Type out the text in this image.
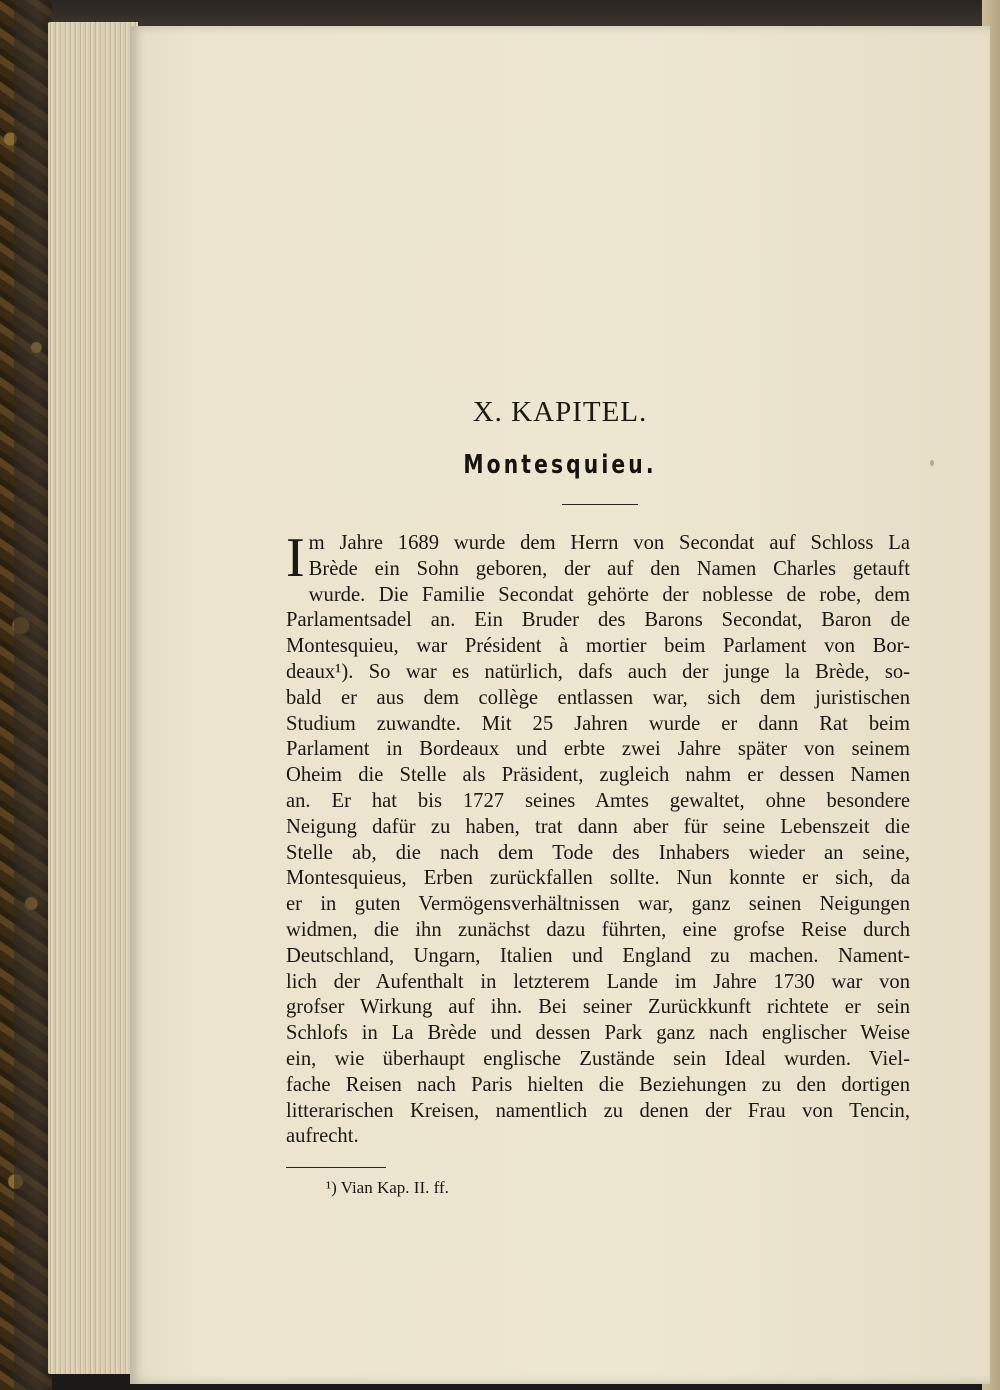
X. KAPITEL.
Montesquieu.
I m Jahre 1689 wurde dem Herrn von Secondat auf Schloss La
Brède ein Sohn geboren, der auf den Namen Charles getauft
wurde. Die Familie Secondat gehörte der noblesse de robe, dem
Parlamentsadel an. Ein Bruder des Barons Secondat, Baron de
Montesquieu, war Président à mortier beim Parlament von Bor-
deaux¹). So war es natürlich, dafs auch der junge la Brède, so-
bald er aus dem collège entlassen war, sich dem juristischen
Studium zuwandte. Mit 25 Jahren wurde er dann Rat beim
Parlament in Bordeaux und erbte zwei Jahre später von seinem
Oheim die Stelle als Präsident, zugleich nahm er dessen Namen
an. Er hat bis 1727 seines Amtes gewaltet, ohne besondere
Neigung dafür zu haben, trat dann aber für seine Lebenszeit die
Stelle ab, die nach dem Tode des Inhabers wieder an seine,
Montesquieus, Erben zurückfallen sollte. Nun konnte er sich, da
er in guten Vermögensverhältnissen war, ganz seinen Neigungen
widmen, die ihn zunächst dazu führten, eine grofse Reise durch
Deutschland, Ungarn, Italien und England zu machen. Nament-
lich der Aufenthalt in letzterem Lande im Jahre 1730 war von
grofser Wirkung auf ihn. Bei seiner Zurückkunft richtete er sein
Schlofs in La Brède und dessen Park ganz nach englischer Weise
ein, wie überhaupt englische Zustände sein Ideal wurden. Viel-
fache Reisen nach Paris hielten die Beziehungen zu den dortigen
litterarischen Kreisen, namentlich zu denen der Frau von Tencin,
aufrecht.
¹) Vian Kap. II. ff.
